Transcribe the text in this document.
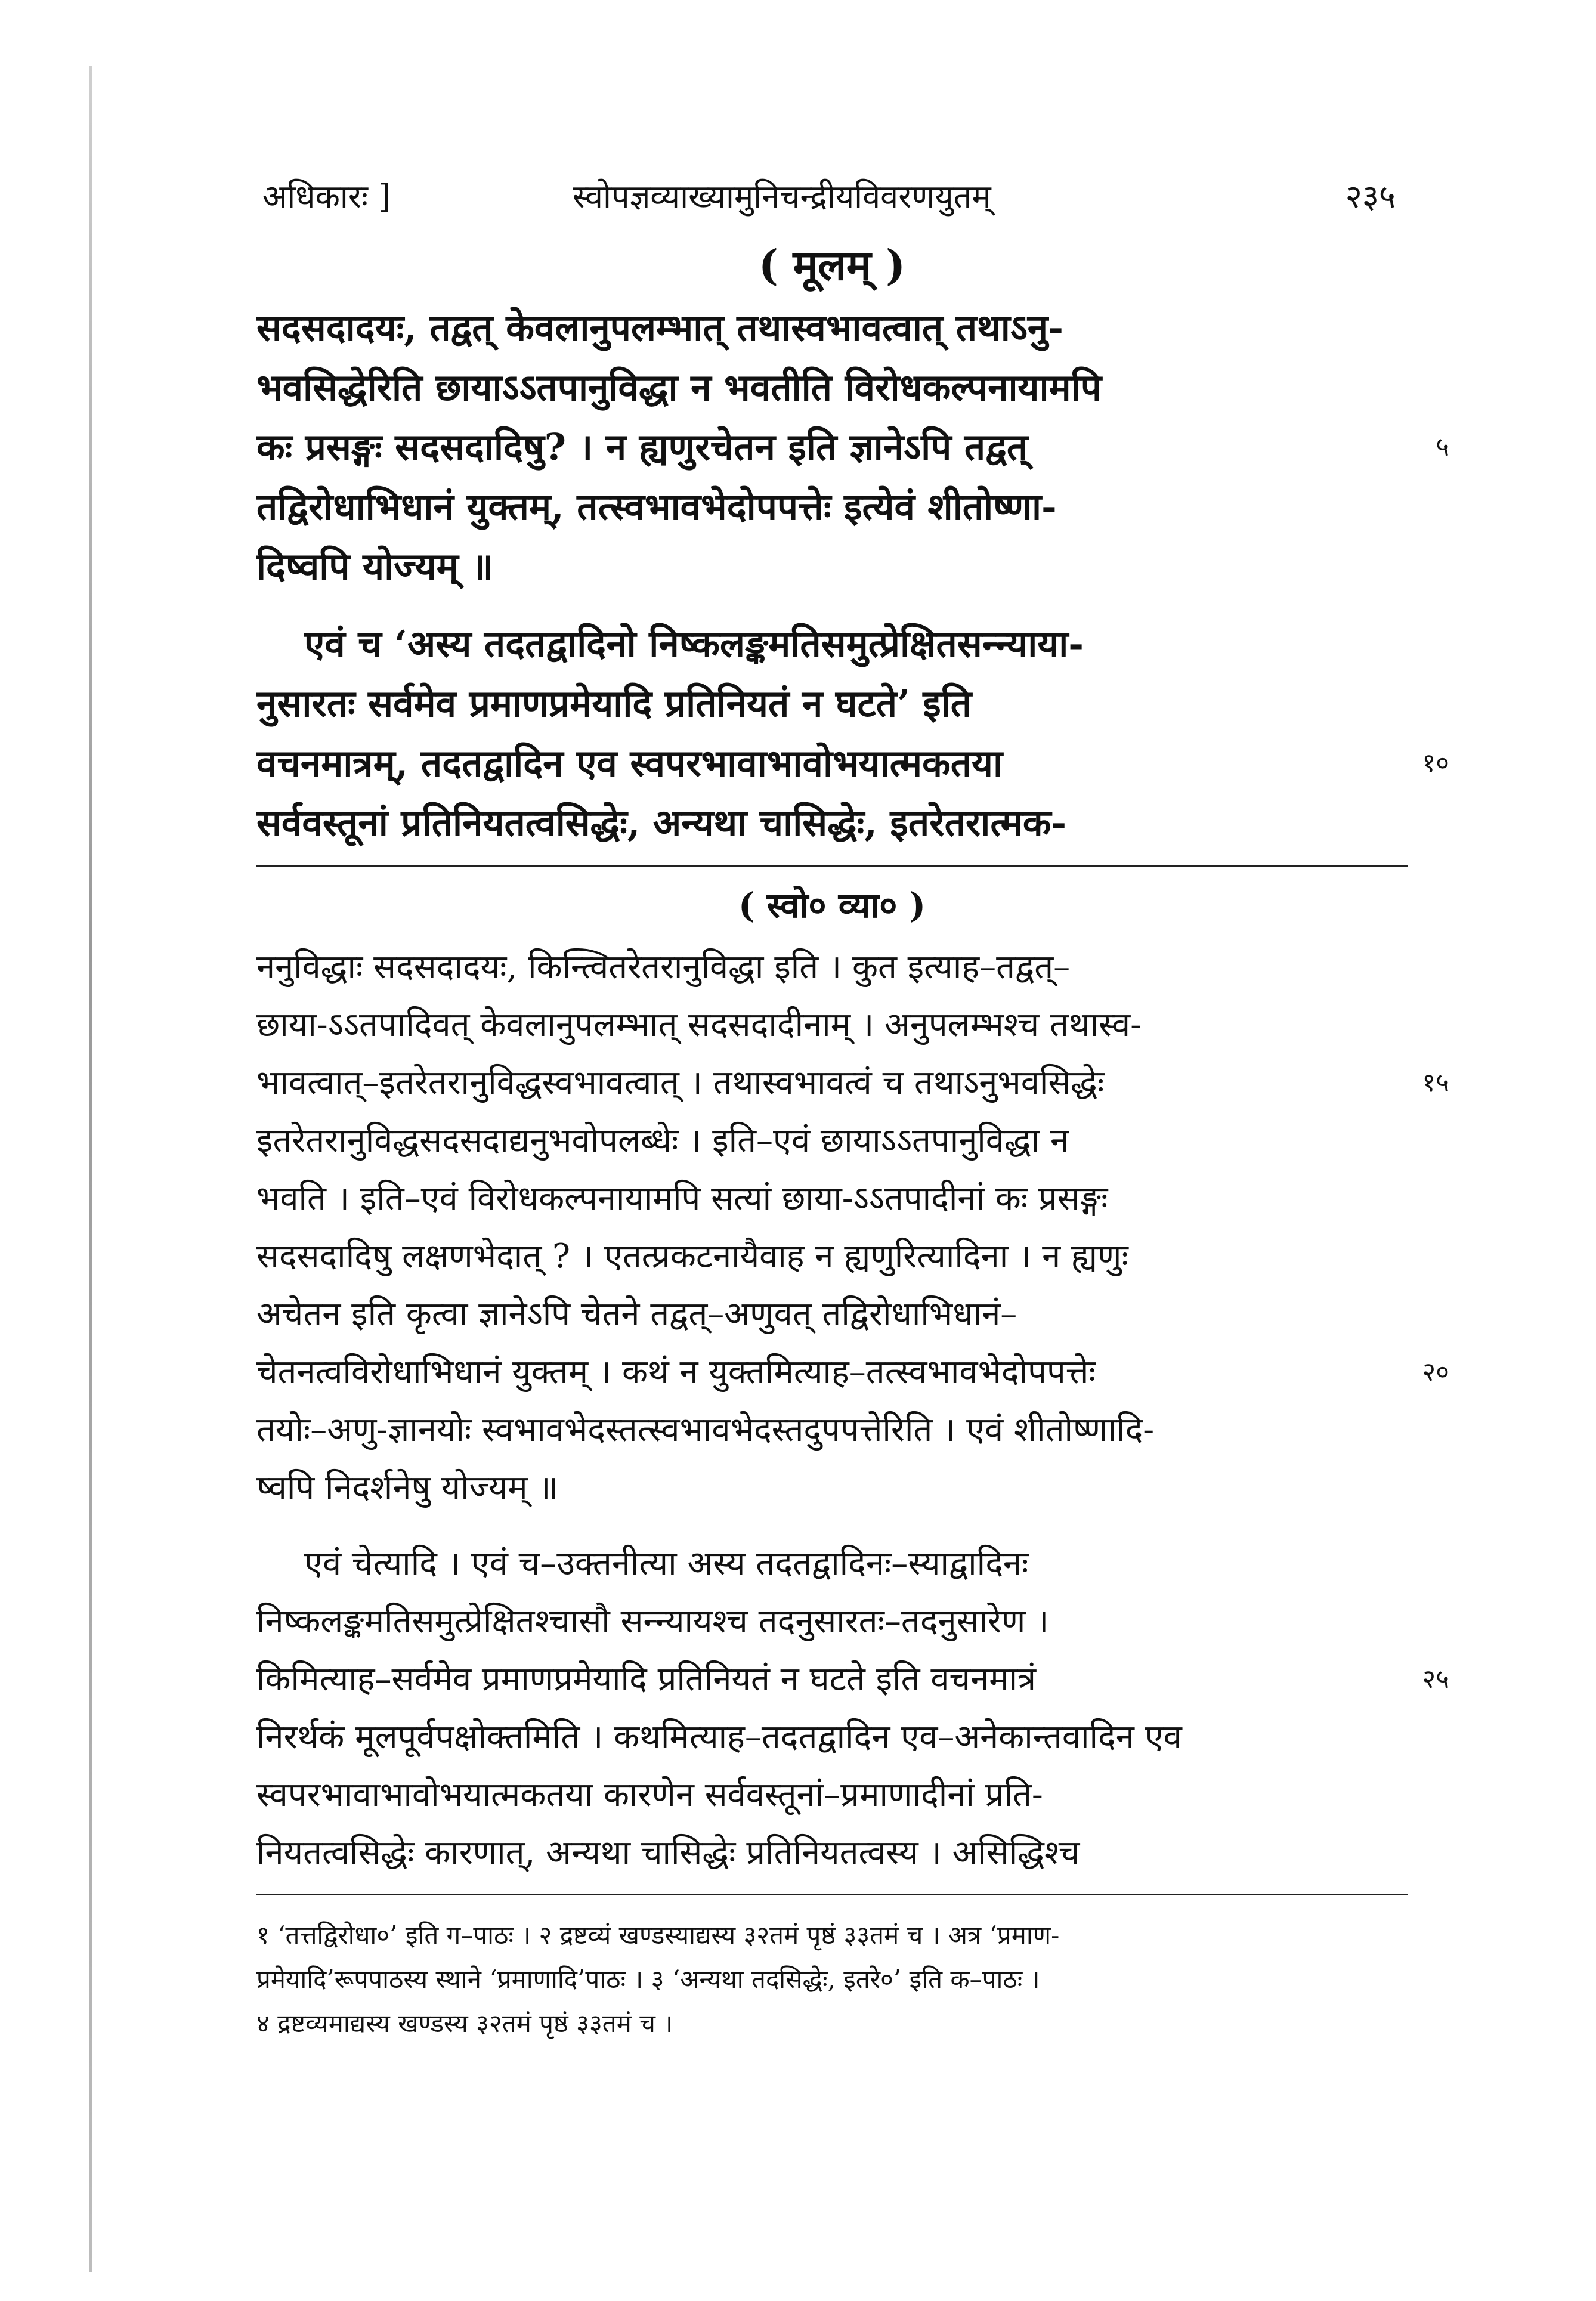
अधिकारः ]	स्वोपज्ञव्याख्यामुनिचन्द्रीयविवरणयुतम्	२३५
( मूलम् )
सदसदादयः, तद्वत् केवलानुपलम्भात् तथास्वभावत्वात् तथाऽनु-
भवसिद्धेरिति छायाऽऽतपानुविद्धा न भवतीति विरोधकल्पनायामपि
कः प्रसङ्गः सदसदादिषु? । न ह्यणुरचेतन इति ज्ञानेऽपि तद्वत्	५
तद्विरोधाभिधानं युक्तम्, तत्स्वभावभेदोपपत्तेः इत्येवं शीतोष्णा-
दिष्वपि योज्यम् ॥
एवं च ‘अस्य तदतद्वादिनो निष्कलङ्कमतिसमुत्प्रेक्षितसन्न्याया-
नुसारतः सर्वमेव प्रमाणप्रमेयादि प्रतिनियतं न घटते’ इति
वचनमात्रम्, तदतद्वादिन एव स्वपरभावाभावोभयात्मकतया	१०
सर्ववस्तूनां प्रतिनियतत्वसिद्धेः, अन्यथा चासिद्धेः, इतरेतरात्मक-
( स्वो० व्या० )
ननुविद्धाः सदसदादयः, किन्त्वितरेतरानुविद्धा इति । कुत इत्याह–तद्वत्–
छाया-ऽऽतपादिवत् केवलानुपलम्भात् सदसदादीनाम् । अनुपलम्भश्च तथास्व-
भावत्वात्–इतरेतरानुविद्धस्वभावत्वात् । तथास्वभावत्वं च तथाऽनुभवसिद्धेः	१५
इतरेतरानुविद्धसदसदाद्यनुभवोपलब्धेः । इति–एवं छायाऽऽतपानुविद्धा न
भवति । इति–एवं विरोधकल्पनायामपि सत्यां छाया-ऽऽतपादीनां कः प्रसङ्गः
सदसदादिषु लक्षणभेदात् ? । एतत्प्रकटनायैवाह न ह्यणुरित्यादिना । न ह्यणुः
अचेतन इति कृत्वा ज्ञानेऽपि चेतने तद्वत्–अणुवत् तद्विरोधाभिधानं–
चेतनत्वविरोधाभिधानं युक्तम् । कथं न युक्तमित्याह–तत्स्वभावभेदोपपत्तेः	२०
तयोः–अणु-ज्ञानयोः स्वभावभेदस्तत्स्वभावभेदस्तदुपपत्तेरिति । एवं शीतोष्णादि-
ष्वपि निदर्शनेषु योज्यम् ॥
एवं चेत्यादि । एवं च–उक्तनीत्या अस्य तदतद्वादिनः–स्याद्वादिनः
निष्कलङ्कमतिसमुत्प्रेक्षितश्चासौ सन्न्यायश्च तदनुसारतः–तदनुसारेण ।
किमित्याह–सर्वमेव प्रमाणप्रमेयादि प्रतिनियतं न घटते इति वचनमात्रं	२५
निरर्थकं मूलपूर्वपक्षोक्तमिति । कथमित्याह–तदतद्वादिन एव–अनेकान्तवादिन एव
स्वपरभावाभावोभयात्मकतया कारणेन सर्ववस्तूनां–प्रमाणादीनां प्रति-
नियतत्वसिद्धेः कारणात्, अन्यथा चासिद्धेः प्रतिनियतत्वस्य । असिद्धिश्च
१ ‘तत्तद्विरोधा०’ इति ग–पाठः । २ द्रष्टव्यं खण्डस्याद्यस्य ३२तमं पृष्ठं ३३तमं च । अत्र ‘प्रमाण-
प्रमेयादि’रूपपाठस्य स्थाने ‘प्रमाणादि’पाठः । ३ ‘अन्यथा तदसिद्धेः, इतरे०’ इति क–पाठः ।
४ द्रष्टव्यमाद्यस्य खण्डस्य ३२तमं पृष्ठं ३३तमं च ।
